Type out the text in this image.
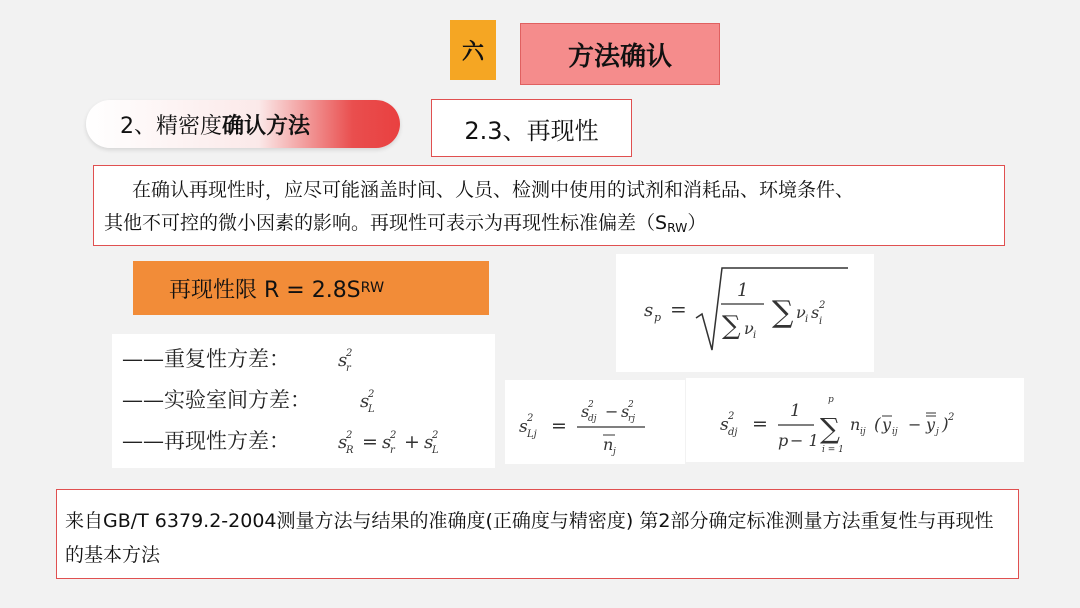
六	方法确认
2、精密度 确认方法	2.3、再现性
在确认再现性时，应尽可能涵盖时间、人员、检测中使用的试剂和消耗品、环境条件、
其他不可控的微小因素的影响。再现性可表示为再现性标准偏差$(S_{RW})$
再现性限 R = 2.8S RW
s p =
1
∑ ν i
∑ ν i s 2
i
——重复性方差：	s
r
2
——实验室间方差：	s
L
2
——再现性方差：	s
R
2 = s
r
2 + s
L
2	s 2
Lj =
s
2
dj − s
2
rj
n j
s 2
dj =
1
p − 1
p
∑
i = 1
n ij ( y ij − y j ) 2
来自GB/T 6379.2-2004测量方法与结果的准确度(正确度与精密度) 第2部分确定标准测量方法重复性与再现性的基本方法
